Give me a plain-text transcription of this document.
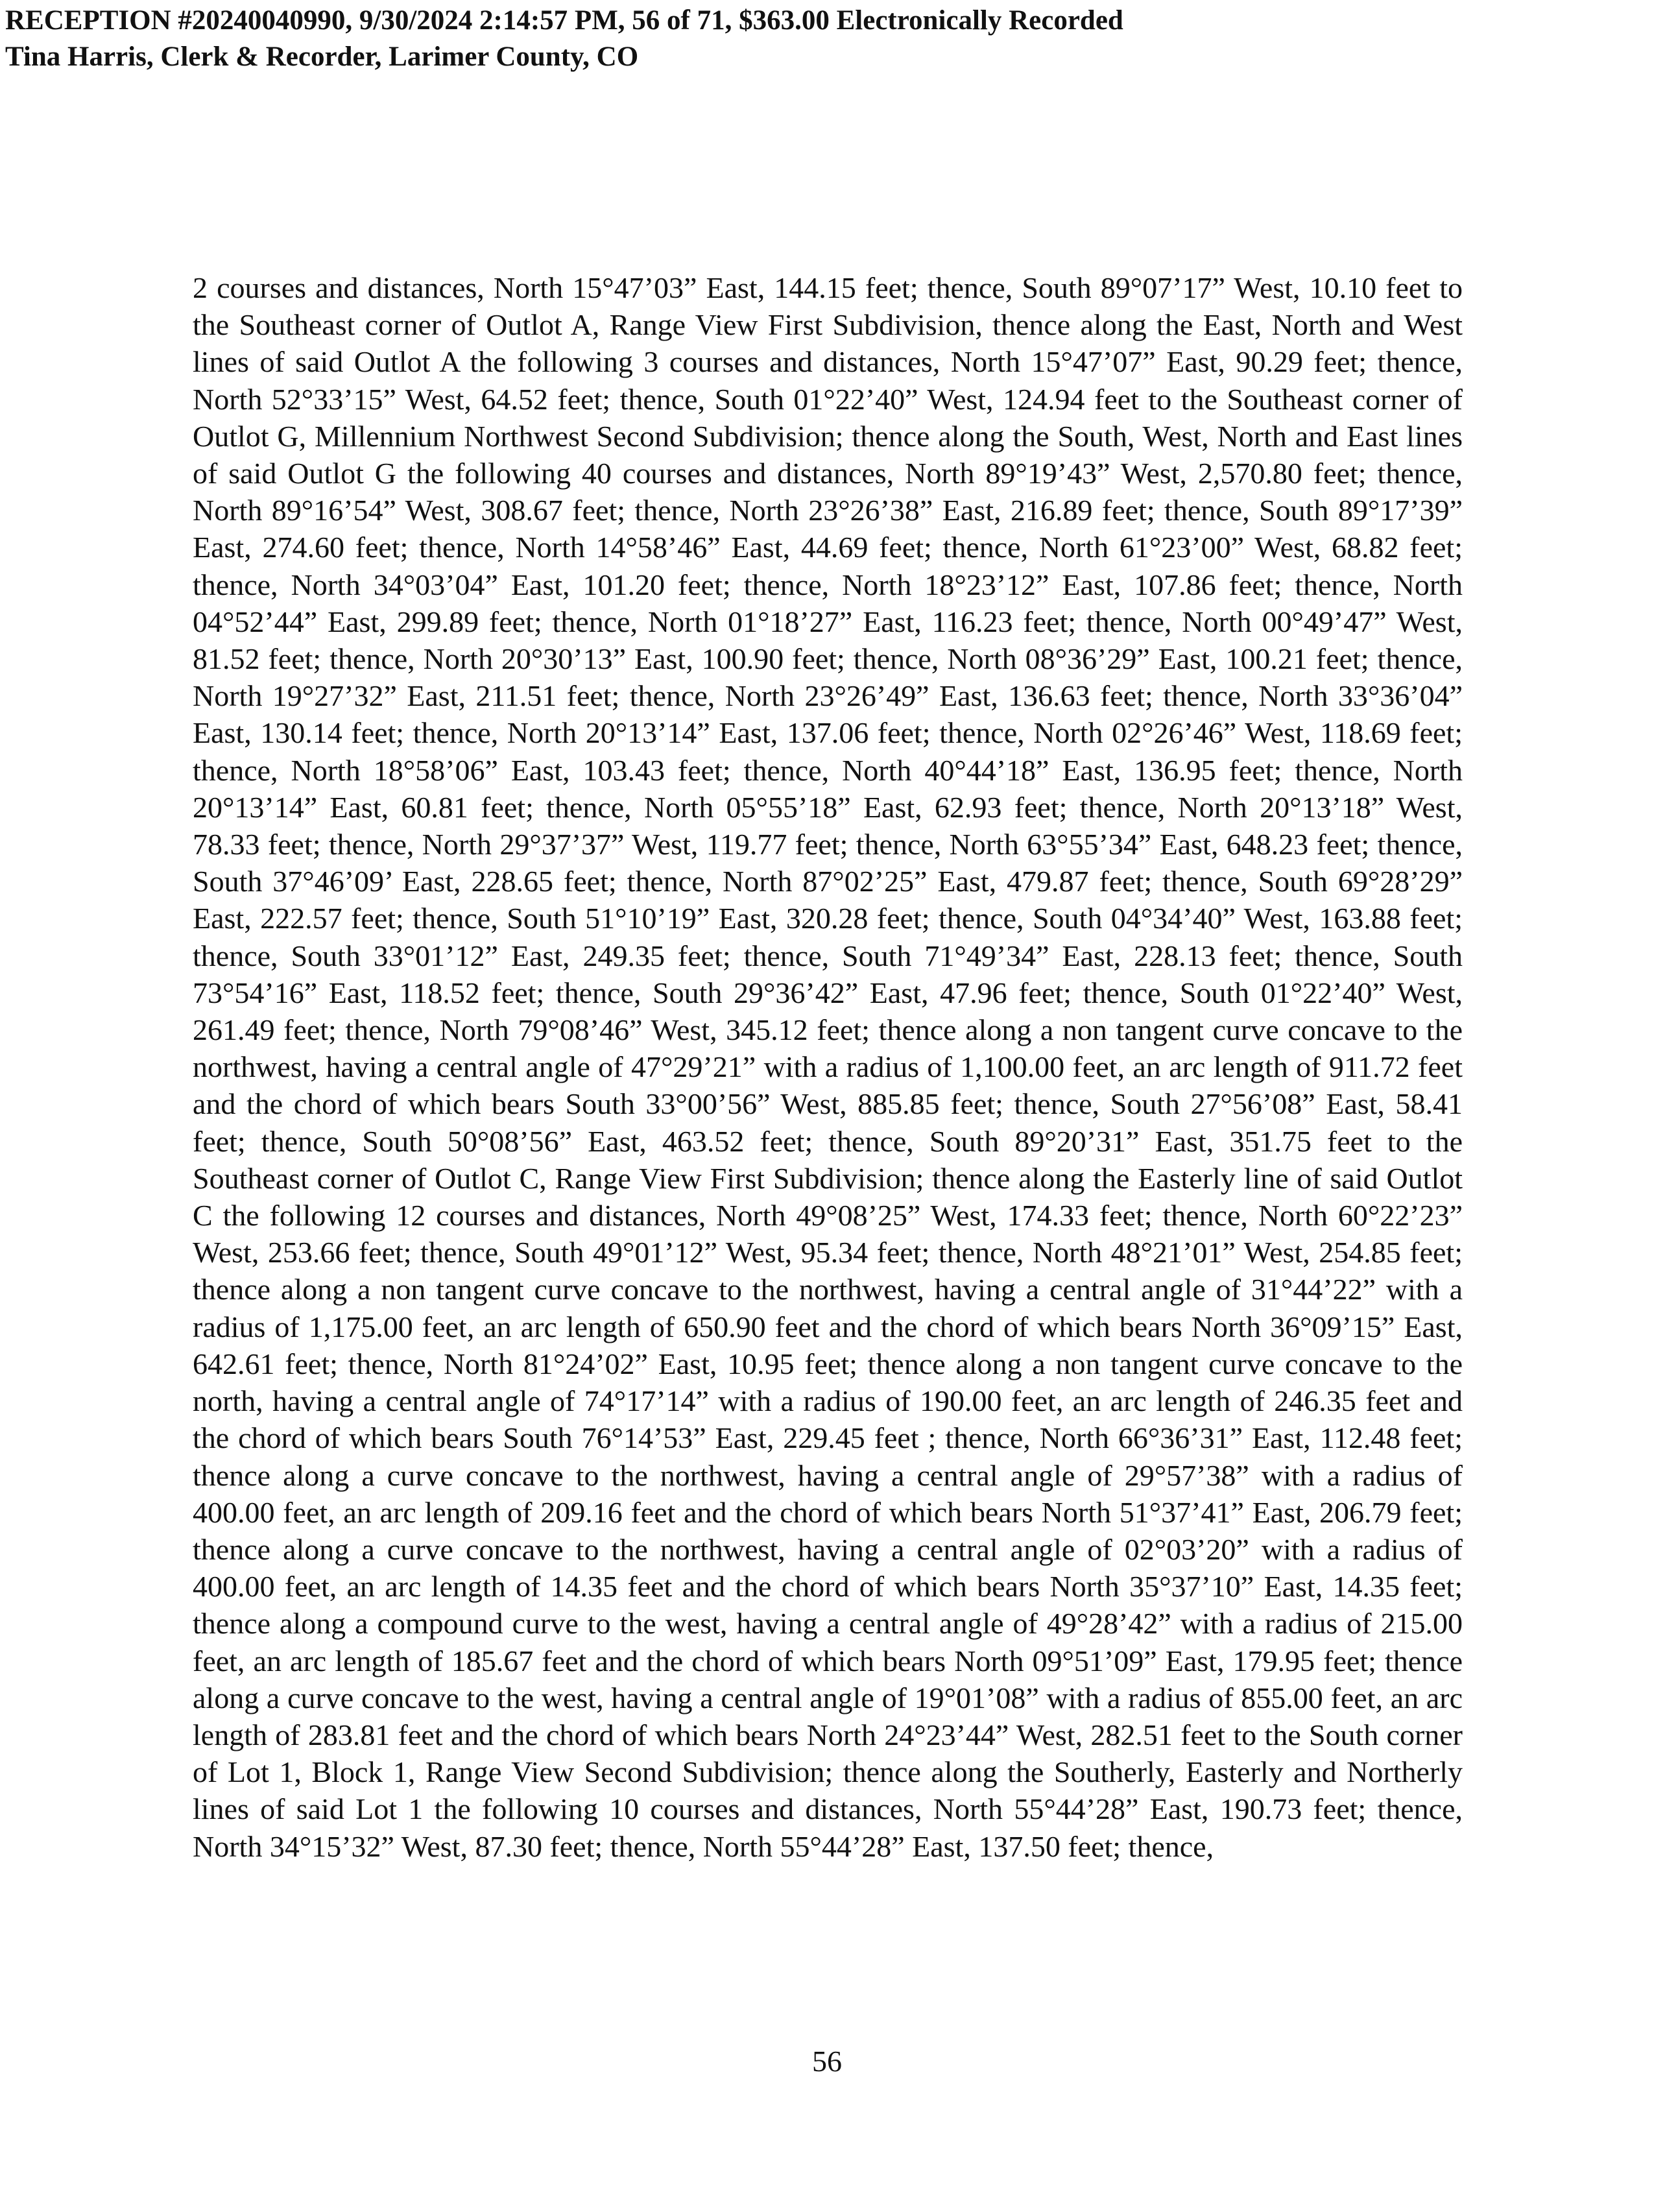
RECEPTION #20240040990, 9/30/2024 2:14:57 PM, 56 of 71, $363.00 Electronically Recorded
Tina Harris, Clerk & Recorder, Larimer County, CO

2 courses and distances, North 15°47’03” East, 144.15 feet; thence, South 89°07’17” West, 10.10 feet to the Southeast corner of Outlot A, Range View First Subdivision, thence along the East, North and West lines of said Outlot A the following 3 courses and distances, North 15°47’07” East, 90.29 feet; thence, North 52°33’15” West, 64.52 feet; thence, South 01°22’40” West, 124.94 feet to the Southeast corner of Outlot G, Millennium Northwest Second Subdivision; thence along the South, West, North and East lines of said Outlot G the following 40 courses and distances, North 89°19’43” West, 2,570.80 feet; thence, North 89°16’54” West, 308.67 feet; thence, North 23°26’38” East, 216.89 feet; thence, South 89°17’39” East, 274.60 feet; thence, North 14°58’46” East, 44.69 feet; thence, North 61°23’00” West, 68.82 feet; thence, North 34°03’04” East, 101.20 feet; thence, North 18°23’12” East, 107.86 feet; thence, North 04°52’44” East, 299.89 feet; thence, North 01°18’27” East, 116.23 feet; thence, North 00°49’47” West, 81.52 feet; thence, North 20°30’13” East, 100.90 feet; thence, North 08°36’29” East, 100.21 feet; thence, North 19°27’32” East, 211.51 feet; thence, North 23°26’49” East, 136.63 feet; thence, North 33°36’04” East, 130.14 feet; thence, North 20°13’14” East, 137.06 feet; thence, North 02°26’46” West, 118.69 feet; thence, North 18°58’06” East, 103.43 feet; thence, North 40°44’18” East, 136.95 feet; thence, North 20°13’14” East, 60.81 feet; thence, North 05°55’18” East, 62.93 feet; thence, North 20°13’18” West, 78.33 feet; thence, North 29°37’37” West, 119.77 feet; thence, North 63°55’34” East, 648.23 feet; thence, South 37°46’09’ East, 228.65 feet; thence, North 87°02’25” East, 479.87 feet; thence, South 69°28’29” East, 222.57 feet; thence, South 51°10’19” East, 320.28 feet; thence, South 04°34’40” West, 163.88 feet; thence, South 33°01’12” East, 249.35 feet; thence, South 71°49’34” East, 228.13 feet; thence, South 73°54’16” East, 118.52 feet; thence, South 29°36’42” East, 47.96 feet; thence, South 01°22’40” West, 261.49 feet; thence, North 79°08’46” West, 345.12 feet; thence along a non tangent curve concave to the northwest, having a central angle of 47°29’21” with a radius of 1,100.00 feet, an arc length of 911.72 feet and the chord of which bears South 33°00’56” West, 885.85 feet; thence, South 27°56’08” East, 58.41 feet; thence, South 50°08’56” East, 463.52 feet; thence, South 89°20’31” East, 351.75 feet to the Southeast corner of Outlot C, Range View First Subdivision; thence along the Easterly line of said Outlot C the following 12 courses and distances, North 49°08’25” West, 174.33 feet; thence, North 60°22’23” West, 253.66 feet; thence, South 49°01’12” West, 95.34 feet; thence, North 48°21’01” West, 254.85 feet; thence along a non tangent curve concave to the northwest, having a central angle of 31°44’22” with a radius of 1,175.00 feet, an arc length of 650.90 feet and the chord of which bears North 36°09’15” East, 642.61 feet; thence, North 81°24’02” East, 10.95 feet; thence along a non tangent curve concave to the north, having a central angle of 74°17’14” with a radius of 190.00 feet, an arc length of 246.35 feet and the chord of which bears South 76°14’53” East, 229.45 feet ; thence, North 66°36’31” East, 112.48 feet; thence along a curve concave to the northwest, having a central angle of 29°57’38” with a radius of 400.00 feet, an arc length of 209.16 feet and the chord of which bears North 51°37’41” East, 206.79 feet; thence along a curve concave to the northwest, having a central angle of 02°03’20” with a radius of 400.00 feet, an arc length of 14.35 feet and the chord of which bears North 35°37’10” East, 14.35 feet; thence along a compound curve to the west, having a central angle of 49°28’42” with a radius of 215.00 feet, an arc length of 185.67 feet and the chord of which bears North 09°51’09” East, 179.95 feet; thence along a curve concave to the west, having a central angle of 19°01’08” with a radius of 855.00 feet, an arc length of 283.81 feet and the chord of which bears North 24°23’44” West, 282.51 feet to the South corner of Lot 1, Block 1, Range View Second Subdivision; thence along the Southerly, Easterly and Northerly lines of said Lot 1 the following 10 courses and distances, North 55°44’28” East, 190.73 feet; thence, North 34°15’32” West, 87.30 feet; thence, North 55°44’28” East, 137.50 feet; thence,

56
